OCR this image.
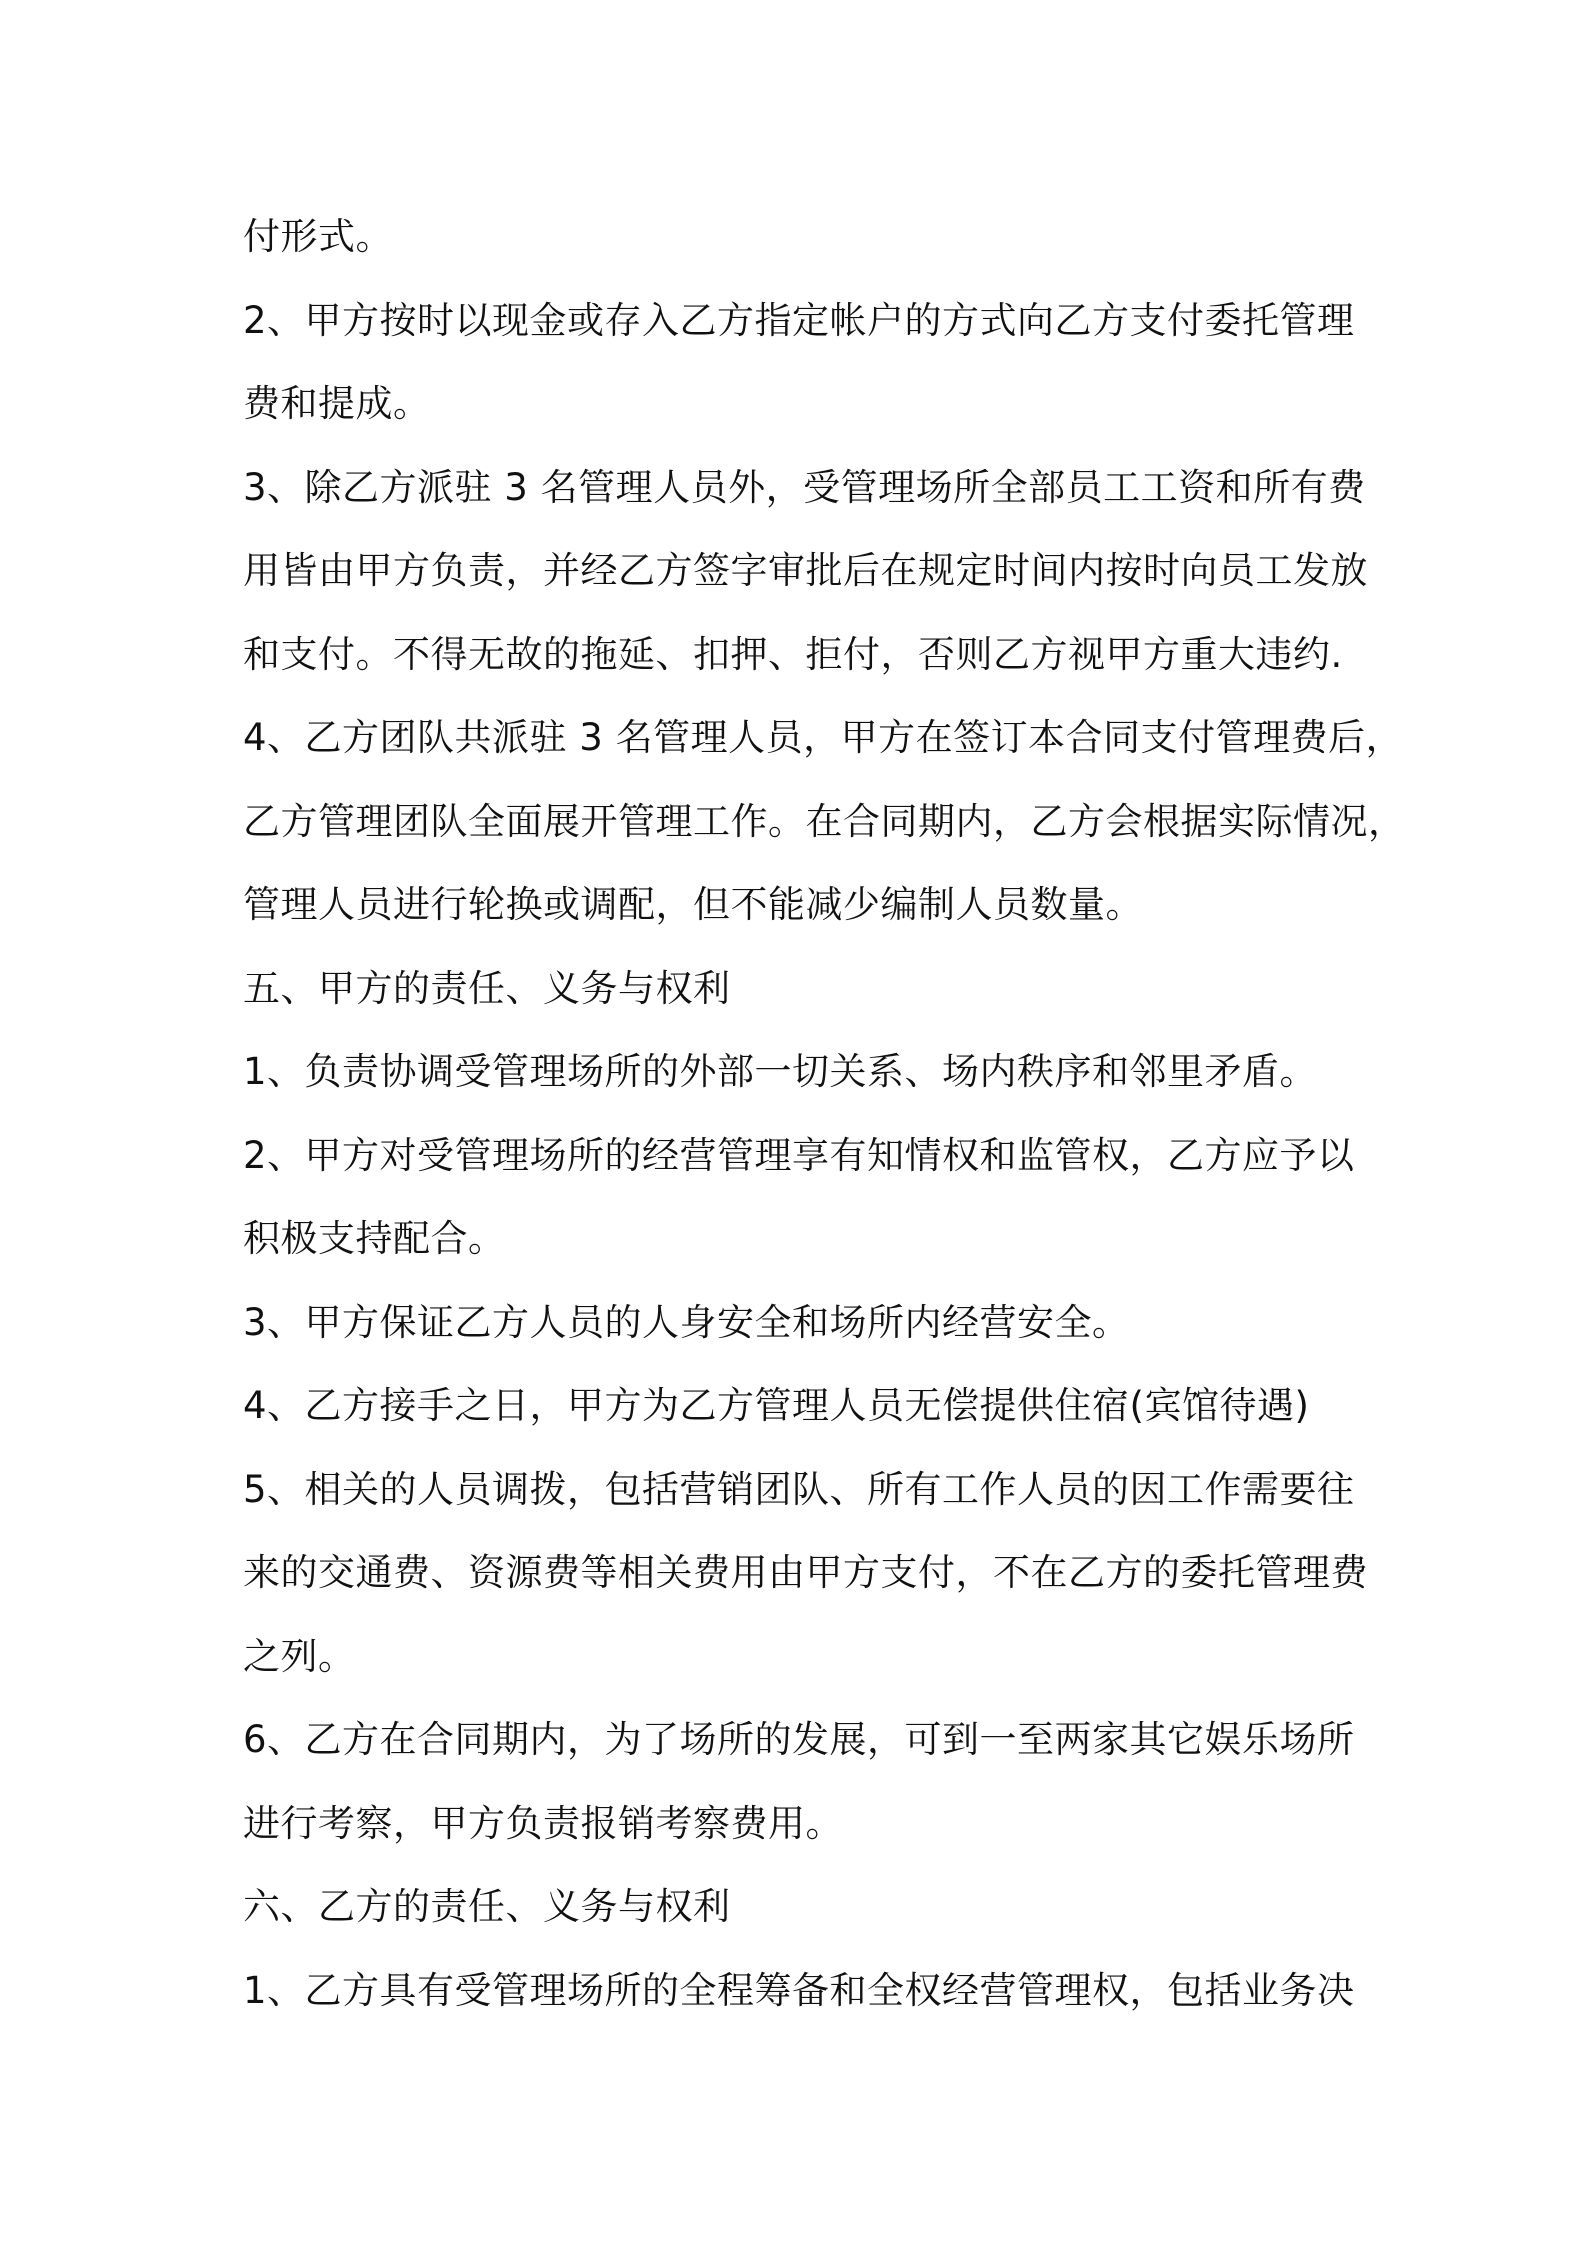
付形式。
2、甲方按时以现金或存入乙方指定帐户的方式向乙方支付委托管理
费和提成。
3、除乙方派驻 3 名管理人员外，受管理场所全部员工工资和所有费
用皆由甲方负责，并经乙方签字审批后在规定时间内按时向员工发放
和支付。不得无故的拖延、扣押、拒付，否则乙方视甲方重大违约.
4、乙方团队共派驻 3 名管理人员，甲方在签订本合同支付管理费后，
乙方管理团队全面展开管理工作。在合同期内，乙方会根据实际情况，
管理人员进行轮换或调配，但不能减少编制人员数量。
五、甲方的责任、义务与权利
1、负责协调受管理场所的外部一切关系、场内秩序和邻里矛盾。
2、甲方对受管理场所的经营管理享有知情权和监管权，乙方应予以
积极支持配合。
3、甲方保证乙方人员的人身安全和场所内经营安全。
4、乙方接手之日，甲方为乙方管理人员无偿提供住宿(宾馆待遇)
5、相关的人员调拨，包括营销团队、所有工作人员的因工作需要往
来的交通费、资源费等相关费用由甲方支付，不在乙方的委托管理费
之列。
6、乙方在合同期内，为了场所的发展，可到一至两家其它娱乐场所
进行考察，甲方负责报销考察费用。
六、乙方的责任、义务与权利
1、乙方具有受管理场所的全程筹备和全权经营管理权，包括业务决
